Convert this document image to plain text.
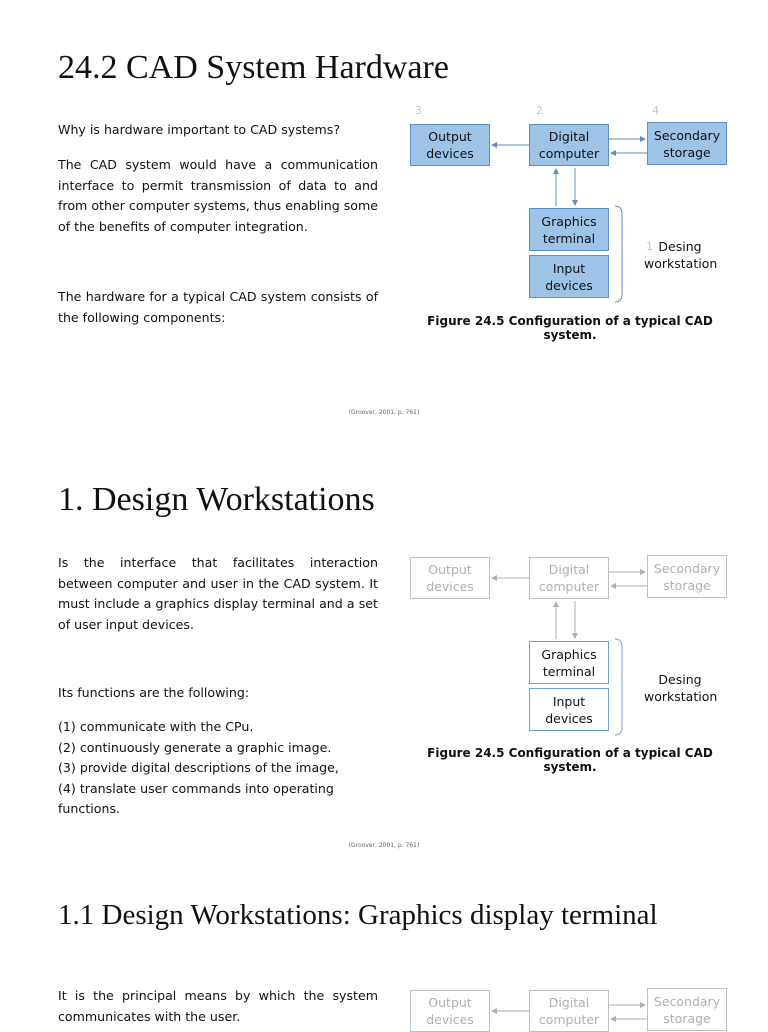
24.2 CAD System Hardware

Why is hardware important to CAD systems?

The CAD system would have a communication interface to permit transmission of data to and from other computer systems, thus enabling some of the benefits of computer integration.

The hardware for a typical CAD system consists of the following components:

3	2	4
Output devices
Digital computer
Secondary storage
Graphics terminal
Input devices
1 Desing workstation
Figure 24.5 Configuration of a typical CAD system.
(Groover, 2001, p. 761)
1. Design Workstations

Is the interface that facilitates interaction between computer and user in the CAD system. It must include a graphics display terminal and a set of user input devices.

Its functions are the following:

(1) communicate with the CPu.
(2) continuously generate a graphic image.
(3) provide digital descriptions of the image,
(4) translate user commands into operating functions.
Output devices
Digital computer
Secondary storage
Graphics terminal
Input devices
Desing workstation
Figure 24.5 Configuration of a typical CAD system.
(Groover, 2001, p. 761)
1.1 Design Workstations: Graphics display terminal

It is the principal means by which the system communicates with the user.

Output devices
Digital computer
Secondary storage
